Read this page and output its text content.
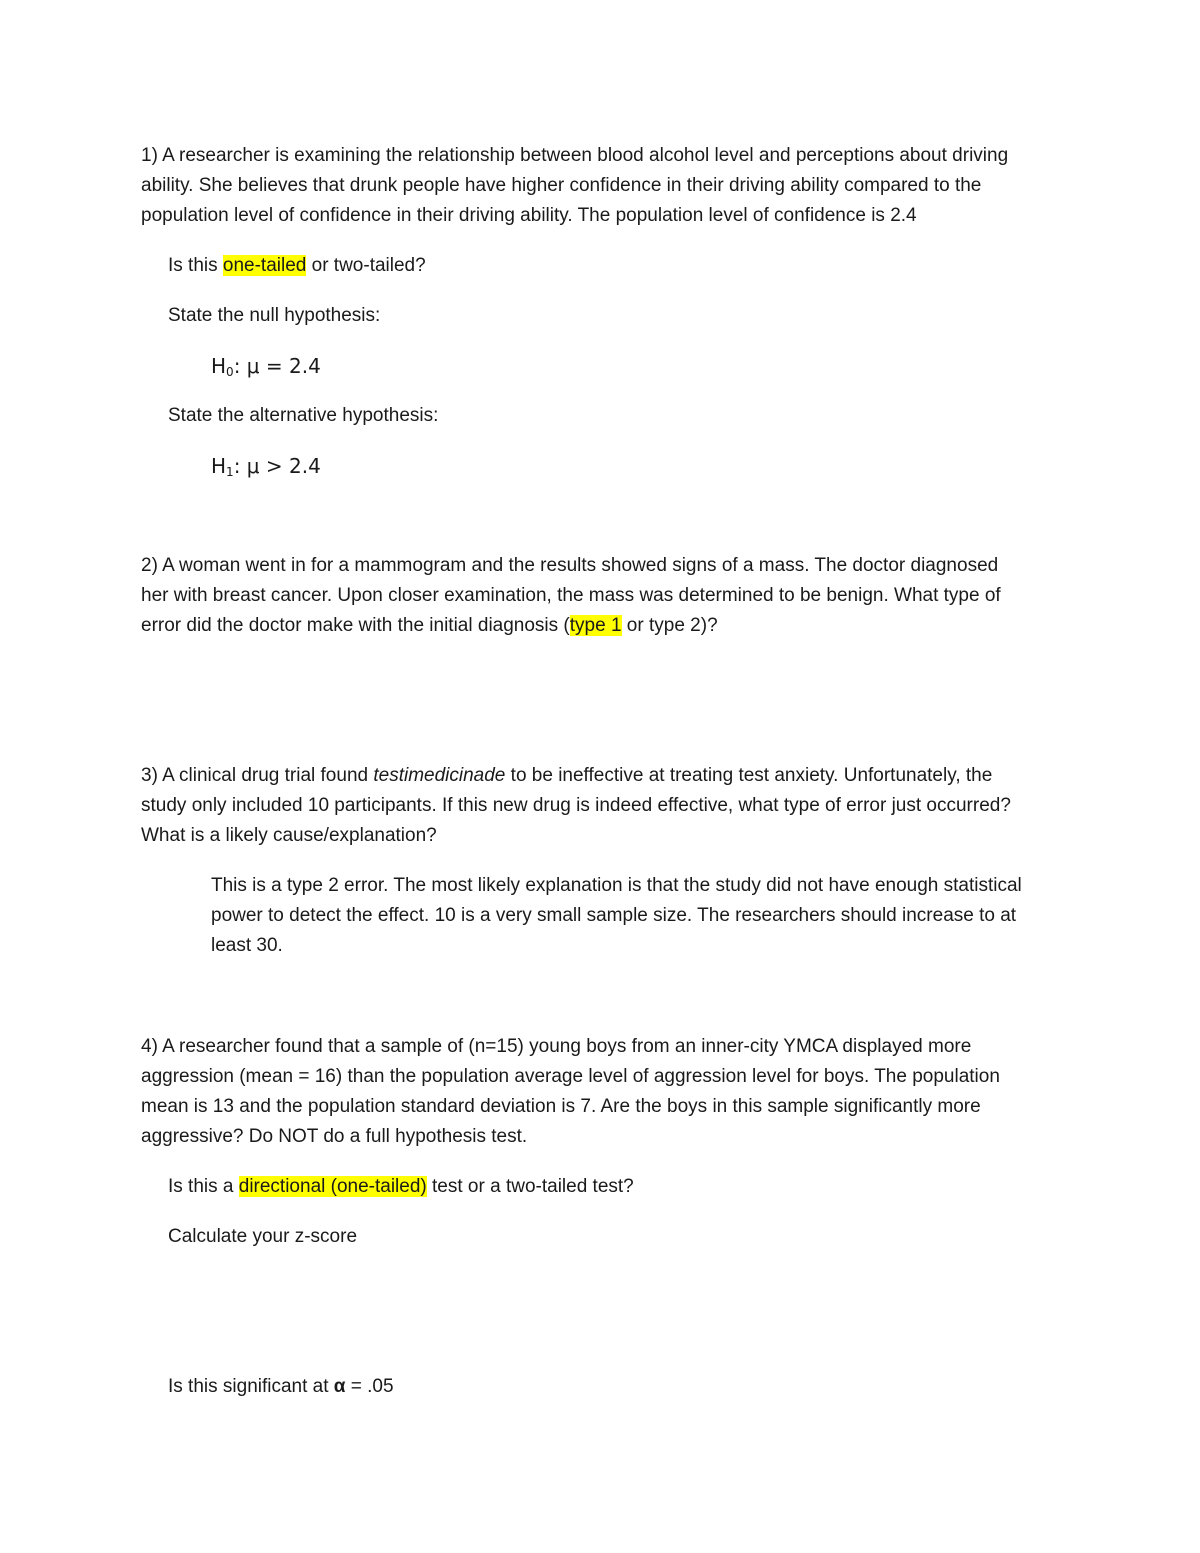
1) A researcher is examining the relationship between blood alcohol level and perceptions about driving
ability. She believes that drunk people have higher confidence in their driving ability compared to the
population level of confidence in their driving ability. The population level of confidence is 2.4
Is this one-tailed or two-tailed?
State the null hypothesis:
H0: μ = 2.4
State the alternative hypothesis:
H1: μ > 2.4
2) A woman went in for a mammogram and the results showed signs of a mass. The doctor diagnosed
her with breast cancer. Upon closer examination, the mass was determined to be benign. What type of
error did the doctor make with the initial diagnosis (type 1 or type 2)?
3) A clinical drug trial found testimedicinade to be ineffective at treating test anxiety. Unfortunately, the
study only included 10 participants. If this new drug is indeed effective, what type of error just occurred?
What is a likely cause/explanation?
This is a type 2 error. The most likely explanation is that the study did not have enough statistical
power to detect the effect. 10 is a very small sample size. The researchers should increase to at
least 30.
4) A researcher found that a sample of (n=15) young boys from an inner-city YMCA displayed more
aggression (mean = 16) than the population average level of aggression level for boys. The population
mean is 13 and the population standard deviation is 7. Are the boys in this sample significantly more
aggressive? Do NOT do a full hypothesis test.
Is this a directional (one-tailed) test or a two-tailed test?
Calculate your z-score
Is this significant at α = .05
